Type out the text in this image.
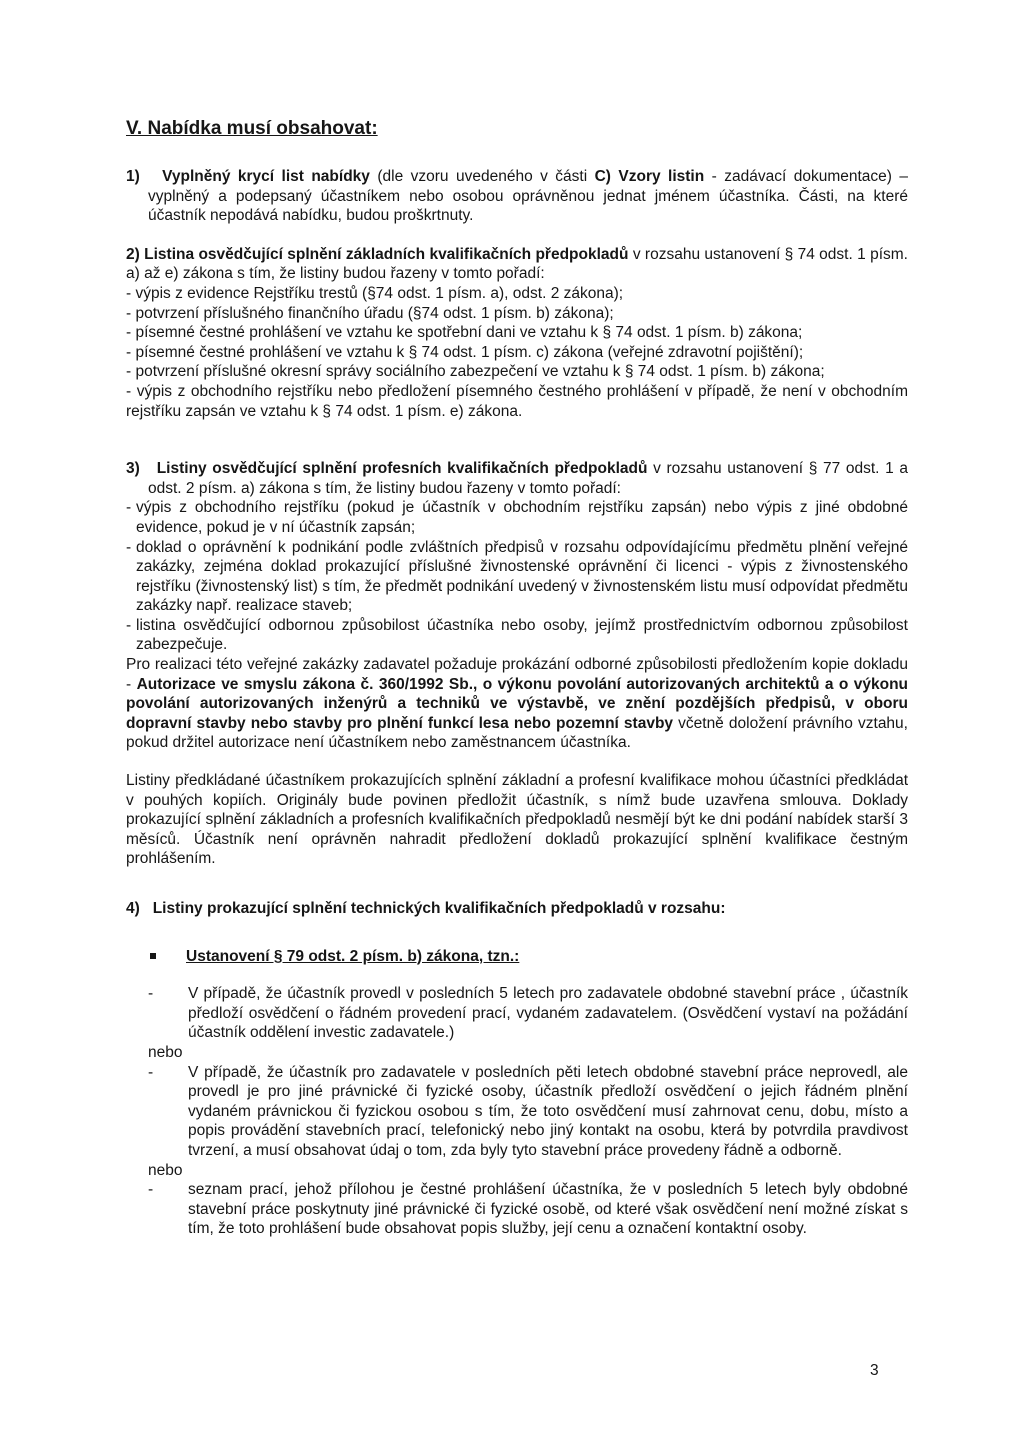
V. Nabídka musí obsahovat:

1) Vyplněný krycí list nabídky (dle vzoru uvedeného v části C) Vzory listin - zadávací dokumentace) – vyplněný a podepsaný účastníkem nebo osobou oprávněnou jednat jménem účastníka. Části, na které účastník nepodává nabídku, budou proškrtnuty.

2) Listina osvědčující splnění základních kvalifikačních předpokladů v rozsahu ustanovení § 74 odst. 1 písm. a) až e) zákona s tím, že listiny budou řazeny v tomto pořadí:

- výpis z evidence Rejstříku trestů (§74 odst. 1 písm. a), odst. 2 zákona);

- potvrzení příslušného finančního úřadu (§74 odst. 1 písm. b) zákona);

- písemné čestné prohlášení ve vztahu ke spotřební dani ve vztahu k § 74 odst. 1 písm. b) zákona;

- písemné čestné prohlášení ve vztahu k § 74 odst. 1 písm. c) zákona (veřejné zdravotní pojištění);

- potvrzení příslušné okresní správy sociálního zabezpečení ve vztahu k § 74 odst. 1 písm. b) zákona;

- výpis z obchodního rejstříku nebo předložení písemného čestného prohlášení v případě, že není v obchodním rejstříku zapsán ve vztahu k § 74 odst. 1 písm. e) zákona.

3) Listiny osvědčující splnění profesních kvalifikačních předpokladů v rozsahu ustanovení § 77 odst. 1 a odst. 2 písm. a) zákona s tím, že listiny budou řazeny v tomto pořadí:

- výpis z obchodního rejstříku (pokud je účastník v obchodním rejstříku zapsán) nebo výpis z jiné obdobné evidence, pokud je v ní účastník zapsán;
- doklad o oprávnění k podnikání podle zvláštních předpisů v rozsahu odpovídajícímu předmětu plnění veřejné zakázky, zejména doklad prokazující příslušné živnostenské oprávnění či licenci - výpis z živnostenského rejstříku (živnostenský list) s tím, že předmět podnikání uvedený v živnostenském listu musí odpovídat předmětu zakázky např. realizace staveb;
- listina osvědčující odbornou způsobilost účastníka nebo osoby, jejímž prostřednictvím odbornou způsobilost zabezpečuje.

Pro realizaci této veřejné zakázky zadavatel požaduje prokázání odborné způsobilosti předložením kopie dokladu - Autorizace ve smyslu zákona č. 360/1992 Sb., o výkonu povolání autorizovaných architektů a o výkonu povolání autorizovaných inženýrů a techniků ve výstavbě, ve znění pozdějších předpisů, v oboru dopravní stavby nebo stavby pro plnění funkcí lesa nebo pozemní stavby včetně doložení právního vztahu, pokud držitel autorizace není účastníkem nebo zaměstnancem účastníka.

Listiny předkládané účastníkem prokazujících splnění základní a profesní kvalifikace mohou účastníci předkládat v pouhých kopiích. Originály bude povinen předložit účastník, s nímž bude uzavřena smlouva. Doklady prokazující splnění základních a profesních kvalifikačních předpokladů nesmějí být ke dni podání nabídek starší 3 měsíců. Účastník není oprávněn nahradit předložení dokladů prokazující splnění kvalifikace čestným prohlášením.

4) Listiny prokazující splnění technických kvalifikačních předpokladů v rozsahu:

Ustanovení § 79 odst. 2 písm. b) zákona, tzn.:
-	V případě, že účastník provedl v posledních 5 letech pro zadavatele obdobné stavební práce , účastník předloží osvědčení o řádném provedení prací, vydaném zadavatelem. (Osvědčení vystaví na požádání účastník oddělení investic zadavatele.)

nebo

-	V případě, že účastník pro zadavatele v posledních pěti letech obdobné stavební práce neprovedl, ale provedl je pro jiné právnické či fyzické osoby, účastník předloží osvědčení o jejich řádném plnění vydaném právnickou či fyzickou osobou s tím, že toto osvědčení musí zahrnovat cenu, dobu, místo a popis provádění stavebních prací, telefonický nebo jiný kontakt na osobu, která by potvrdila pravdivost tvrzení, a musí obsahovat údaj o tom, zda byly tyto stavební práce provedeny řádně a odborně.

nebo

-	seznam prací, jehož přílohou je čestné prohlášení účastníka, že v posledních 5 letech byly obdobné stavební práce poskytnuty jiné právnické či fyzické osobě, od které však osvědčení není možné získat s tím, že toto prohlášení bude obsahovat popis služby, její cenu a označení kontaktní osoby.
3
